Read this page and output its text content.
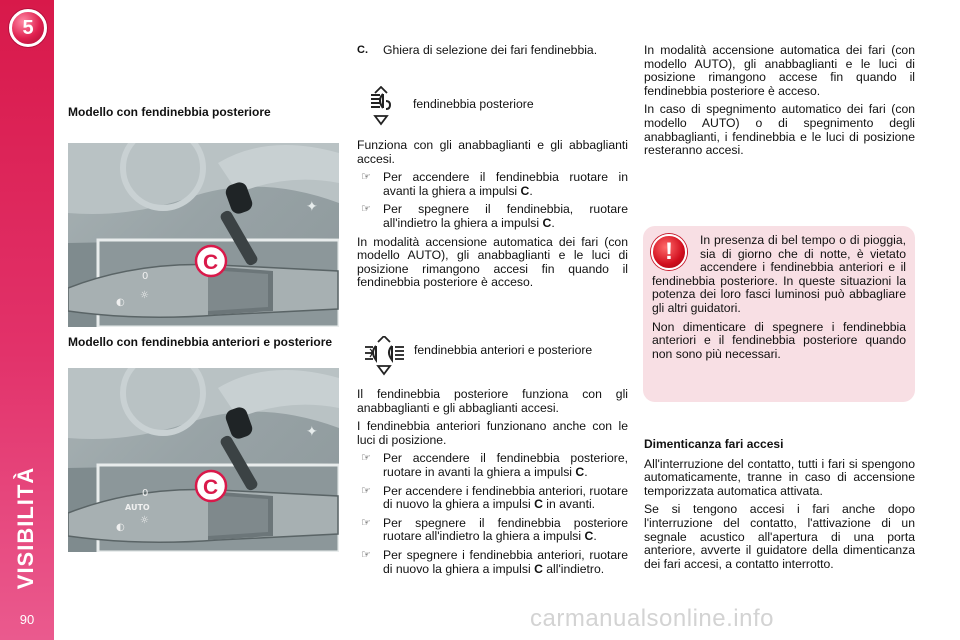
5
VISIBILITÀ
90
Modello con fendinebbia posteriore
0
☼
◐
C
✦
Modello con fendinebbia anteriori e posteriore
AUTO
0
☼
◐
C
✦
C. Ghiera di selezione dei fari fendinebbia.
fendinebbia posteriore

Funziona con gli anabbaglianti e gli abbaglianti accesi.

☞ Per accendere il fendinebbia ruotare in avanti la ghiera a impulsi C.
☞ Per spegnere il fendinebbia, ruotare all'indietro la ghiera a impulsi C.

In modalità accensione automatica dei fari (con modello AUTO), gli anabbaglianti e le luci di posizione rimangono accesi fin quando il fendinebbia posteriore è acceso.

fendinebbia anteriori e posteriore

Il fendinebbia posteriore funziona con gli anabbaglianti e gli abbaglianti accesi.

I fendinebbia anteriori funzionano anche con le luci di posizione.

☞ Per accendere il fendinebbia posteriore, ruotare in avanti la ghiera a impulsi C.
☞ Per accendere i fendinebbia anteriori, ruotare di nuovo la ghiera a impulsi C in avanti.
☞ Per spegnere il fendinebbia posteriore ruotare all'indietro la ghiera a impulsi C.
☞ Per spegnere i fendinebbia anteriori, ruotare di nuovo la ghiera a impulsi C all'indietro.

In modalità accensione automatica dei fari (con modello AUTO), gli anabbaglianti e le luci di posizione rimangono accese fin quando il fendinebbia posteriore è acceso.

In caso di spegnimento automatico dei fari (con modello AUTO) o di spegnimento degli anabbaglianti, i fendinebbia e le luci di posizione resteranno accesi.

!	In presenza di bel tempo o di pioggia, sia di giorno che di notte, è vietato accendere i fendinebbia anteriori e il fendinebbia posteriore. In queste situazioni la potenza dei loro fasci luminosi può abbagliare gli altri guidatori.

Non dimenticare di spegnere i fendinebbia anteriori e il fendinebbia posteriore quando non sono più necessari.

Dimenticanza fari accesi

All'interruzione del contatto, tutti i fari si spengono automaticamente, tranne in caso di accensione temporizzata automatica attivata.

Se si tengono accesi i fari anche dopo l'interruzione del contatto, l'attivazione di un segnale acustico all'apertura di una porta anteriore, avverte il guidatore della dimenticanza dei fari accesi, a contatto interrotto.

carmanualsonline.info
